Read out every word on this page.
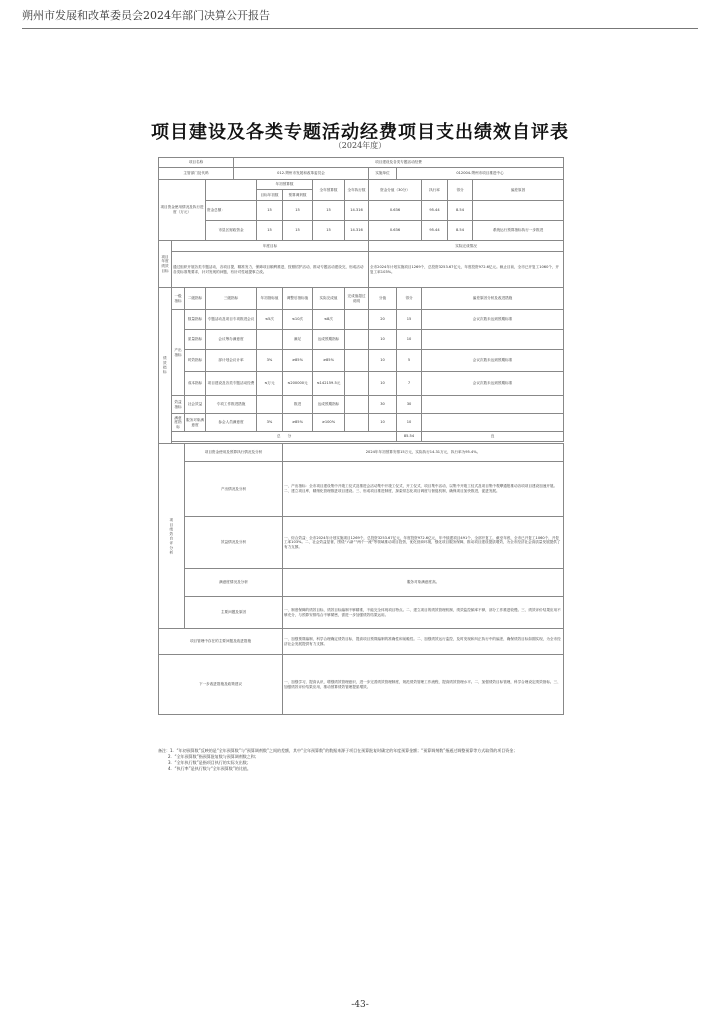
朔州市发展和改革委员会2024年部门决算公开报告
项目建设及各类专题活动经费项目支出绩效自评表
（2024年度）
项目名称				项目建设及各类专题活动经费									
主管部门及代码				012-朔州市发展和改革委员会					实施单位	012004-朔州市项目推进中心			
项目资金使用情况及执行进度（万元）					年初预算数		全年预算数	全年执行数	资金分值（30分）		执行率	得分	偏差原因
					目标年初数	预算调剂数							
			资金总额：		15	15	15	14.316	0.636		95.44	8.54	
			市县区财政资金		15	15	15	14.316	0.636		95.44	8.54	系统运行预算指标执行一步推进
项目年度绩效目标	年度目标								实际完成情况				
	通过组织开展各类专题活动，各项目提，精准发力，保障项目顺利推进，按照招护活动，推动专题活动建设完，形成活动各类标准集要求，针对发现的问题，有针对性地提事立改。								全市2024年计划实施项目1269个，总投资3253.67亿元，年度投资972.6亿元。截止目前，全市已开复工1060个，开复工率103%。				
绩效指标	一级指标	二级指标	三级指标		年初指标值	调整后指标值	实际完成值	完成值超过说明	分值	得分	偏差原因分析及改进措施		
	产出指标	数量指标	专题活动及项目专项推进会议		≤5次	≤10次	≤8次		20	15	会议次数未达到预期标准		
		质量指标	会议筹办满意度			满足	达成预期指标		10	10			
		时效指标	部计划会议计率		3%	≥85%	≥85%		10	5	会议次数未达到预期标准		
		成本指标	项目建设及各类专题活动经费		≤万元	≤200000元	≤142159.5元		10	7	会议次数未达到预期标准		
	效益指标	社会效益	专项工作推进措施			推进	达成预期指标		30	30			
	满意度指标	服务对象满意度	参会人员满意度		3%	≥85%	≥100%		10	10			
	总　　分									85.54	良		

项目绩效自评分析		项目资金使用及预算执行情况及分析				2024年年初预算安排15万元，实际执行14.31万元，执行率为95.4%。							
		产出情况及分析				一、产出指标：全市项目建设集中开竣工仪式及推进会活动集中开竣工仪式，开工仪式，项目集中活动，以集中开竣工仪式及项目集中观摩通报推动各项项目建设加速开展。二、建立项目库，精细化管理推进项目建设。三、形成项目推进制度，探索常态化项目调度与督促机制，确保项目加快推进，促进发展。							
		效益情况及分析				一、综合效益：全市2024年计划实施项目1269个，总投资3253.67亿元，年度投资972.6亿元，年中续建项目491个，全部开复工，截至年底，全市已开复工1060个，开复工率103%。二、社会效益显著，围绕“六新”“两个一流”等领域推动项目投资，优化营商环境，强化项目服务保障，推动项目建设提质增效，为全市经济社会高质量发展提供了有力支撑。							
		满意度情况及分析				服务对象满意度高。							
		主要问题及原因				一、制度保障的绩效目标，绩效目标编制不够精准，不能完全体现项目特点。二、建立项目的绩效管理机制，绩效监控频率不够，部分工作推进较慢。三、绩效评价结果应用不够充分，与预算安排结合不够紧密，需进一步加强绩效结果运用。							
项目管理中存在的主要问题及改进措施						一、加强预算编制，科学合理确定绩效目标，提高项目预算编制的准确性和前瞻性。二、加强绩效运行监控，及时发现和纠正执行中的偏差，确保绩效目标如期实现，为全市经济社会发展提供有力支撑。							
下一步改进措施及政策建议						一、加强学习，提高认识，增强绩效管理意识，进一步完善绩效管理制度，规范绩效管理工作流程，提高绩效管理水平。二、加强绩效目标管理，科学合理设定绩效指标。三、加强绩效评价结果应用，推动预算绩效管理提质增效。							
备注：1．“年初预算数”反映的是“全年预算数”与“预算调剂数”之间的差额，其中“全年预算数”的数据来源于项目在预算批复时确定的年度预算金额；“预算调剂数”指通过调整预算等方式取得的项目资金；
2．“全年预算数”指预算批复数与预算调剂数之和；
3．“全年执行数”是指项目执行的实际支出数；
4．“执行率”是执行数与“全年预算数”的比值。
-43-
